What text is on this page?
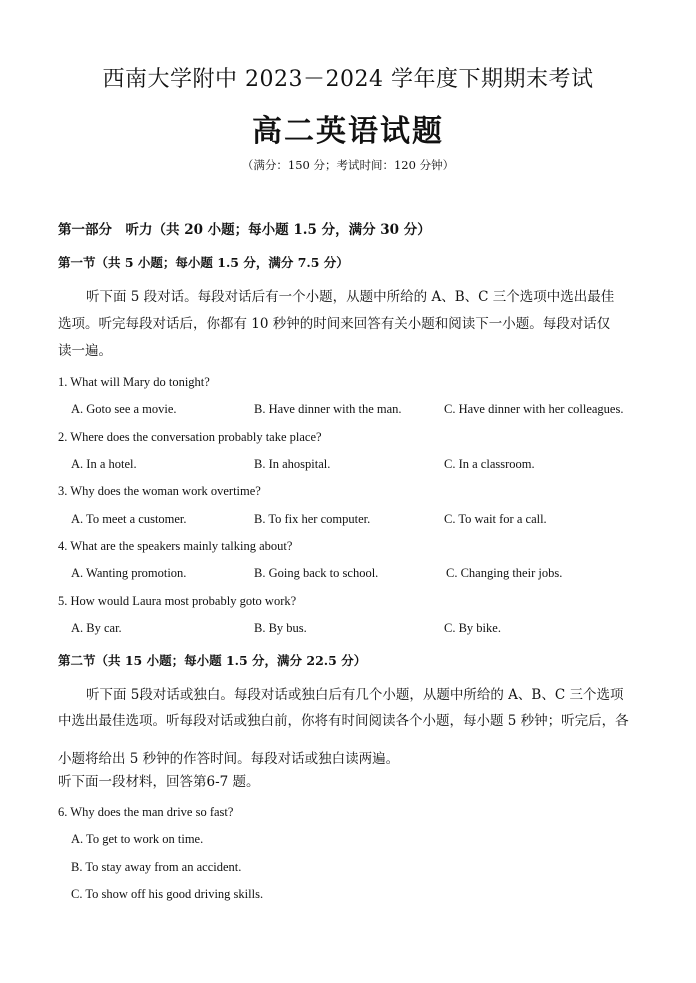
西南大学附中 2023－2024 学年度下期期末考试
高二英语试题
（满分：150 分；考试时间：120 分钟）
第一部分　听力（共 20 小题；每小题 1.5 分，满分 30 分）
第一节（共 5 小题；每小题 1.5 分，满分 7.5 分）
听下面 5 段对话。每段对话后有一个小题，从题中所给的 A、B、C 三个选项中选出最佳
选项。听完每段对话后，你都有 10 秒钟的时间来回答有关小题和阅读下一小题。每段对话仅
读一遍。
1. What will Mary do tonight?
A. Goto see a movie.	B. Have dinner with the man.	C. Have dinner with her colleagues.
2. Where does the conversation probably take place?
A. In a hotel.	B. In ahospital.	C. In a classroom.
3. Why does the woman work overtime?
A. To meet a customer.	B. To fix her computer.	C. To wait for a call.
4. What are the speakers mainly talking about?
A. Wanting promotion.	B. Going back to school.	C. Changing their jobs.
5. How would Laura most probably goto work?
A. By car.	B. By bus.	C. By bike.
第二节（共 15 小题；每小题 1.5 分，满分 22.5 分）
听下面 5段对话或独白。每段对话或独白后有几个小题，从题中所给的 A、B、C 三个选项
中选出最佳选项。听每段对话或独白前，你将有时间阅读各个小题，每小题 5 秒钟；听完后，各
小题将给出 5 秒钟的作答时间。每段对话或独白读两遍。
听下面一段材料，回答第6-7 题。
6. Why does the man drive so fast?
A. To get to work on time.
B. To stay away from an accident.
C. To show off his good driving skills.
